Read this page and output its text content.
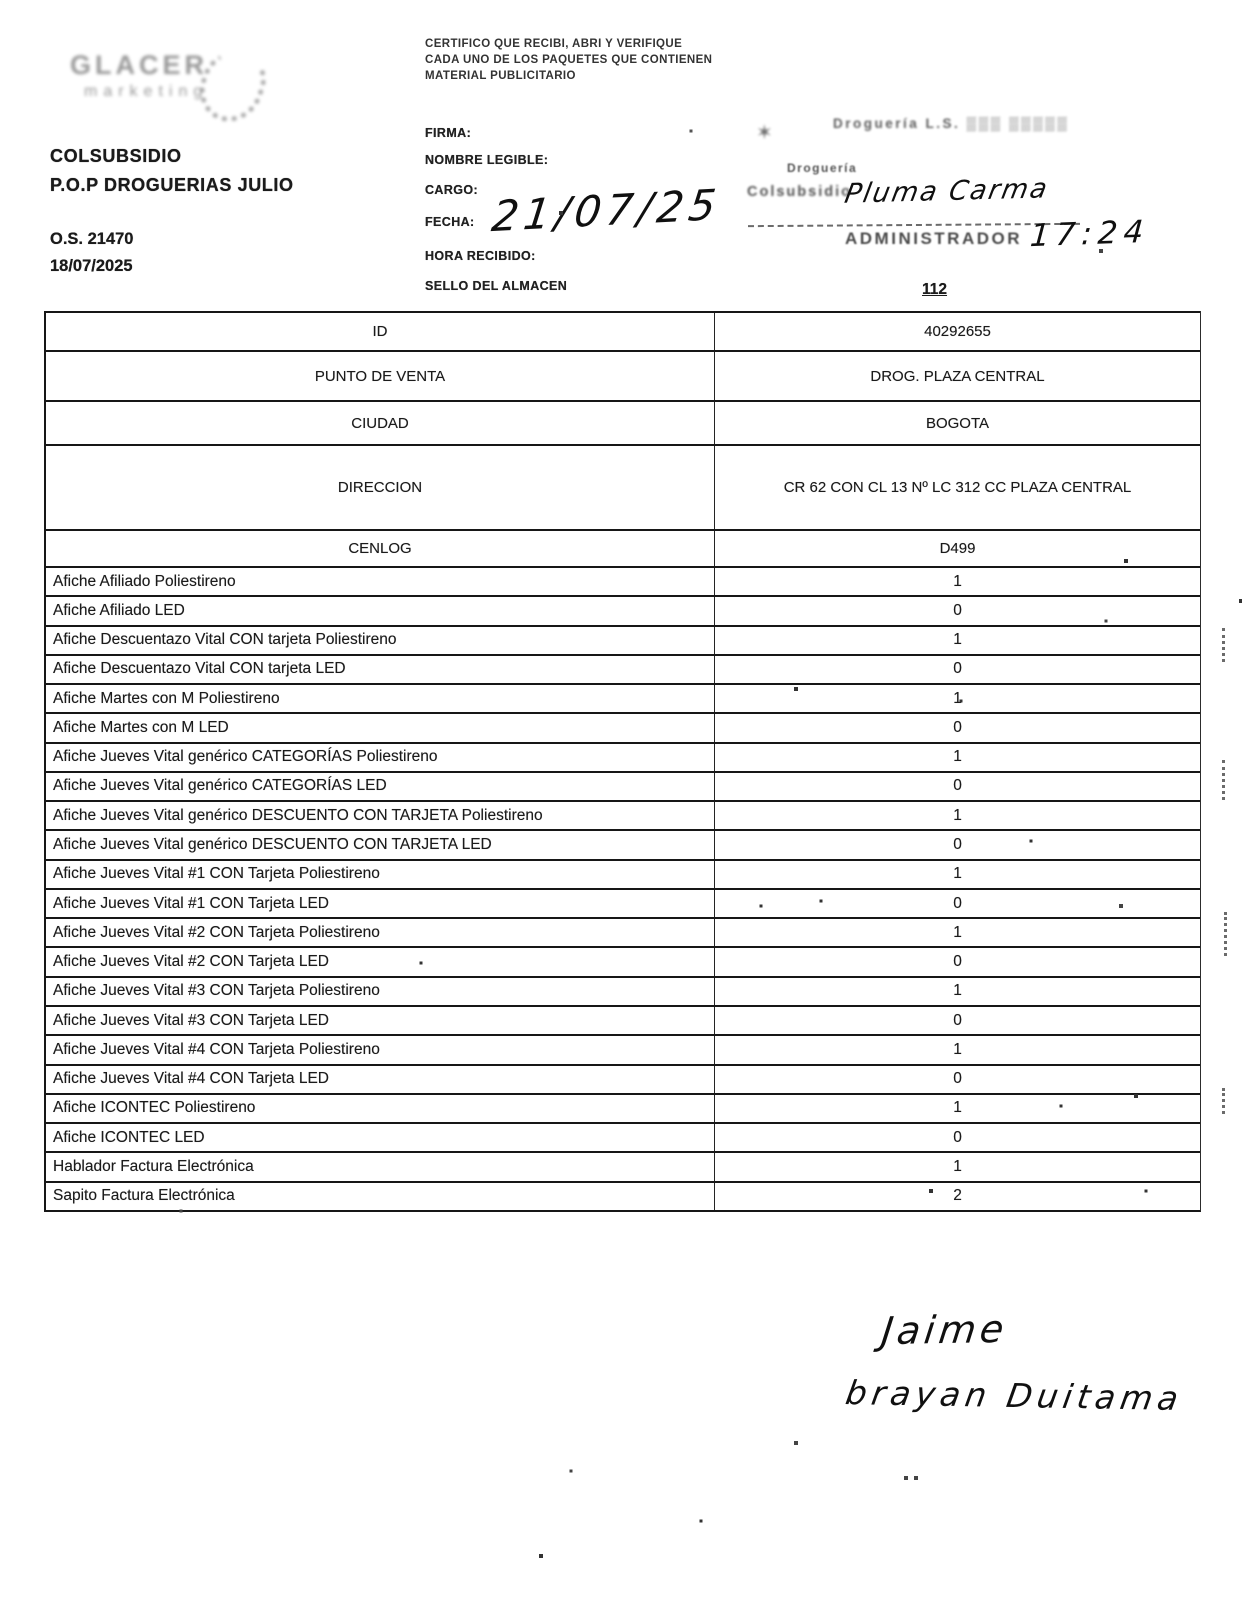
GLACER
marketing
COLSUBSIDIO
P.O.P DROGUERIAS JULIO
O.S. 21470
18/07/2025
CERTIFICO QUE RECIBI, ABRI Y VERIFIQUE CADA UNO DE LOS PAQUETES QUE CONTIENEN MATERIAL PUBLICITARIO
FIRMA:
NOMBRE LEGIBLE:
CARGO:
FECHA: 21/07/25
HORA RECIBIDO:
SELLO DEL ALMACEN
Droguería L.S. ▒▒▒ ▒▒▒▒▒
✶
Droguería
Colsubsidio
Pluma Carma
ADMINISTRADOR 17:24
112
ID	40292655
PUNTO DE VENTA	DROG. PLAZA CENTRAL
CIUDAD	BOGOTA
DIRECCION	CR 62 CON CL 13 Nº LC 312 CC PLAZA CENTRAL
CENLOG	D499
Afiche Afiliado Poliestireno	1
Afiche Afiliado LED	0
Afiche Descuentazo Vital CON tarjeta Poliestireno	1
Afiche Descuentazo Vital CON tarjeta LED	0
Afiche Martes con M Poliestireno	1
Afiche Martes con M LED	0
Afiche Jueves Vital genérico CATEGORÍAS Poliestireno	1
Afiche Jueves Vital genérico CATEGORÍAS LED	0
Afiche Jueves Vital genérico DESCUENTO CON TARJETA Poliestireno	1
Afiche Jueves Vital genérico DESCUENTO CON TARJETA LED	0
Afiche Jueves Vital #1 CON Tarjeta Poliestireno	1
Afiche Jueves Vital #1 CON Tarjeta LED	0
Afiche Jueves Vital #2 CON Tarjeta Poliestireno	1
Afiche Jueves Vital #2 CON Tarjeta LED	0
Afiche Jueves Vital #3 CON Tarjeta Poliestireno	1
Afiche Jueves Vital #3 CON Tarjeta LED	0
Afiche Jueves Vital #4 CON Tarjeta Poliestireno	1
Afiche Jueves Vital #4 CON Tarjeta LED	0
Afiche ICONTEC Poliestireno	1
Afiche ICONTEC LED	0
Hablador Factura Electrónica	1
Sapito Factura Electrónica	2
Jaime
brayan Duitama
